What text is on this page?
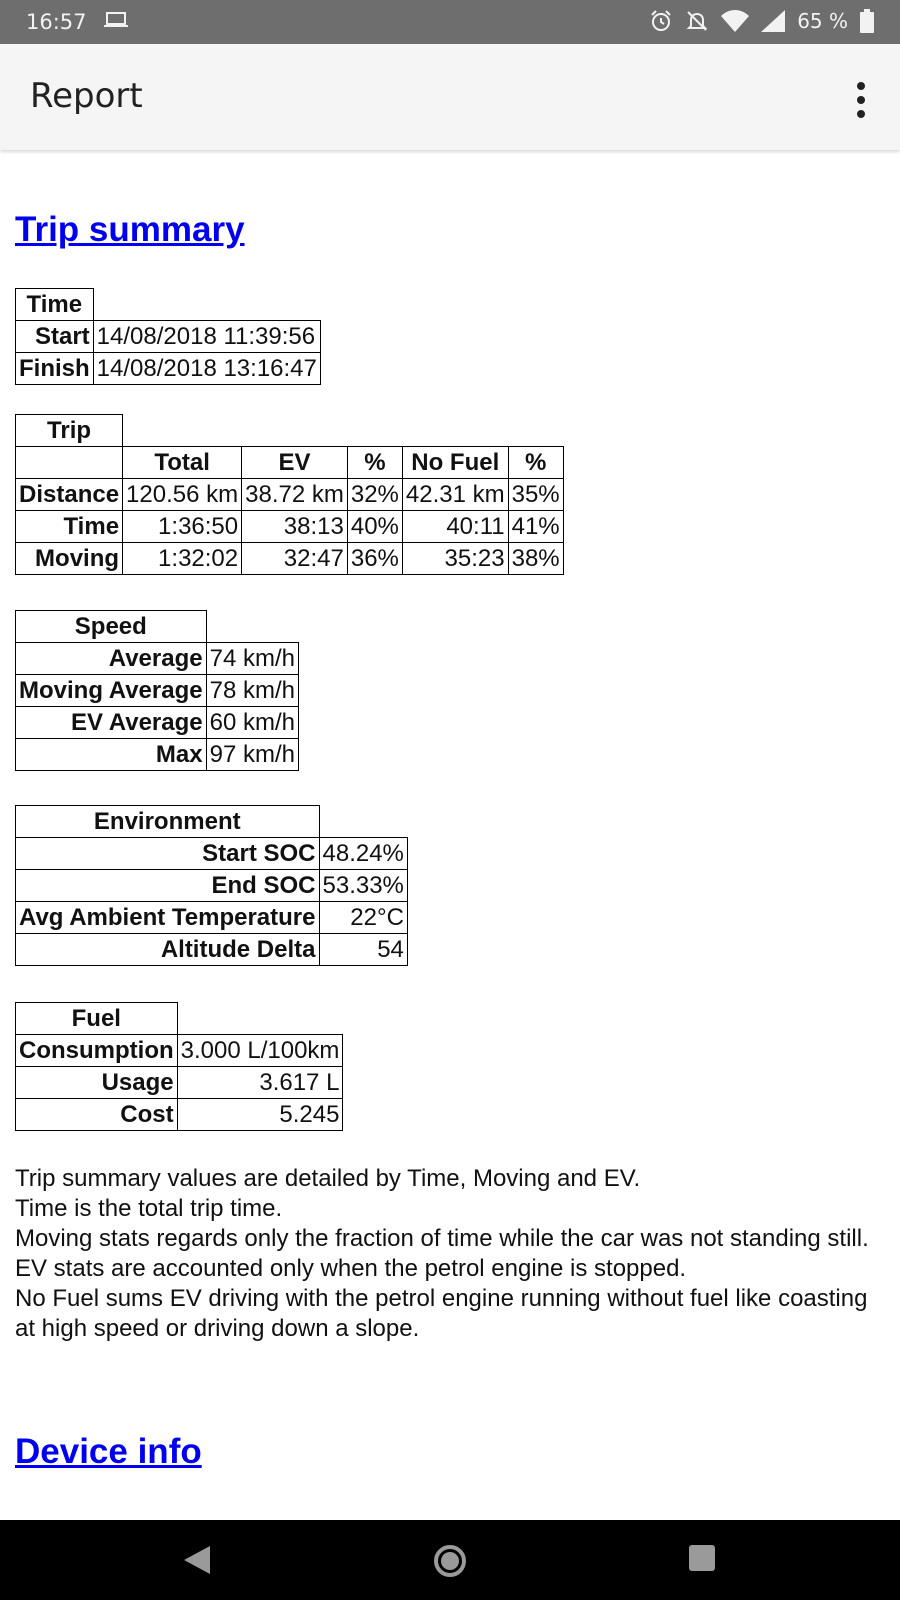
16:57	65 %
Report
Trip summary
Time	
Start	14/08/2018 11:39:56
Finish	14/08/2018 13:16:47
Trip					
	Total	EV	%	No Fuel	%
Distance	120.56 km	38.72 km	32%	42.31 km	35%
Time	1:36:50	38:13	40%	40:11	41%
Moving	1:32:02	32:47	36%	35:23	38%
Speed	
Average	74 km/h
Moving Average	78 km/h
EV Average	60 km/h
Max	97 km/h
Environment	
Start SOC	48.24%
End SOC	53.33%
Avg Ambient Temperature	22°C
Altitude Delta	54
Fuel	
Consumption	3.000 L/100km
Usage	3.617 L
Cost	5.245
Trip summary values are detailed by Time, Moving and EV.
Time is the total trip time.
Moving stats regards only the fraction of time while the car was not standing still.
EV stats are accounted only when the petrol engine is stopped.
No Fuel sums EV driving with the petrol engine running without fuel like coasting at high speed or driving down a slope.
Device info
